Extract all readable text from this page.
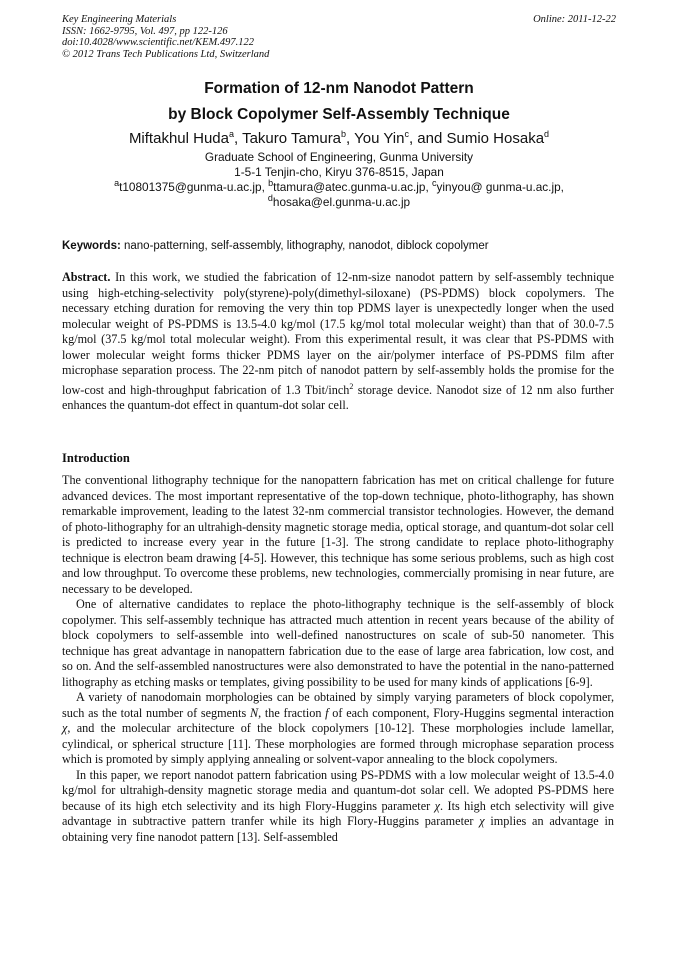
Key Engineering Materials
ISSN: 1662-9795, Vol. 497, pp 122-126
doi:10.4028/www.scientific.net/KEM.497.122
© 2012 Trans Tech Publications Ltd, Switzerland
Online: 2011-12-22
Formation of 12-nm Nanodot Pattern
by Block Copolymer Self-Assembly Technique
Miftakhul Huda$^a$, Takuro Tamura$^b$, You Yin$^c$, and Sumio Hosaka$^d$
Graduate School of Engineering, Gunma University
1-5-1 Tenjin-cho, Kiryu 376-8515, Japan
$^a$t10801375@gunma-u.ac.jp, $^b$ttamura@atec.gunma-u.ac.jp, $^c$yinyou@ gunma-u.ac.jp,
$^d$hosaka@el.gunma-u.ac.jp
Keywords: nano-patterning, self-assembly, lithography, nanodot, diblock copolymer

Abstract. In this work, we studied the fabrication of 12-nm-size nanodot pattern by self-assembly technique using high-etching-selectivity poly(styrene)-poly(dimethyl-siloxane) (PS-PDMS) block copolymers. The necessary etching duration for removing the very thin top PDMS layer is unexpectedly longer when the used molecular weight of PS-PDMS is 13.5-4.0 kg/mol (17.5 kg/mol total molecular weight) than that of 30.0-7.5 kg/mol (37.5 kg/mol total molecular weight). From this experimental result, it was clear that PS-PDMS with lower molecular weight forms thicker PDMS layer on the air/polymer interface of PS-PDMS film after microphase separation process. The 22-nm pitch of nanodot pattern by self-assembly holds the promise for the low-cost and high-throughput fabrication of 1.3 Tbit/inch$^2$ storage device. Nanodot size of 12 nm also further enhances the quantum-dot effect in quantum-dot solar cell.

Introduction

The conventional lithography technique for the nanopattern fabrication has met on critical challenge for future advanced devices. The most important representative of the top-down technique, photo-lithography, has shown remarkable improvement, leading to the latest 32-nm commercial transistor technologies. However, the demand of photo-lithography for an ultrahigh-density magnetic storage media, optical storage, and quantum-dot solar cell is predicted to increase every year in the future [1-3]. The strong candidate to replace photo-lithography technique is electron beam drawing [4-5]. However, this technique has some serious problems, such as high cost and low throughput. To overcome these problems, new technologies, commercially promising in near future, are necessary to be developed.

One of alternative candidates to replace the photo-lithography technique is the self-assembly of block copolymer. This self-assembly technique has attracted much attention in recent years because of the ability of block copolymers to self-assemble into well-defined nanostructures on scale of sub-50 nanometer. This technique has great advantage in nanopattern fabrication due to the ease of large area fabrication, low cost, and so on. And the self-assembled nanostructures were also demonstrated to have the potential in the nano-patterned lithography as etching masks or templates, giving possibility to be used for many kinds of applications [6-9].

A variety of nanodomain morphologies can be obtained by simply varying parameters of block copolymer, such as the total number of segments N, the fraction f of each component, Flory-Huggins segmental interaction χ, and the molecular architecture of the block copolymers [10-12]. These morphologies include lamellar, cylindical, or spherical structure [11]. These morphologies are formed through microphase separation process which is promoted by simply applying annealing or solvent-vapor annealing to the block copolymers.

In this paper, we report nanodot pattern fabrication using PS-PDMS with a low molecular weight of 13.5-4.0 kg/mol for ultrahigh-density magnetic storage media and quantum-dot solar cell. We adopted PS-PDMS here because of its high etch selectivity and its high Flory-Huggins parameter χ. Its high etch selectivity will give advantage in subtractive pattern tranfer while its high Flory-Huggins parameter χ implies an advantage in obtaining very fine nanodot pattern [13]. Self-assembled
